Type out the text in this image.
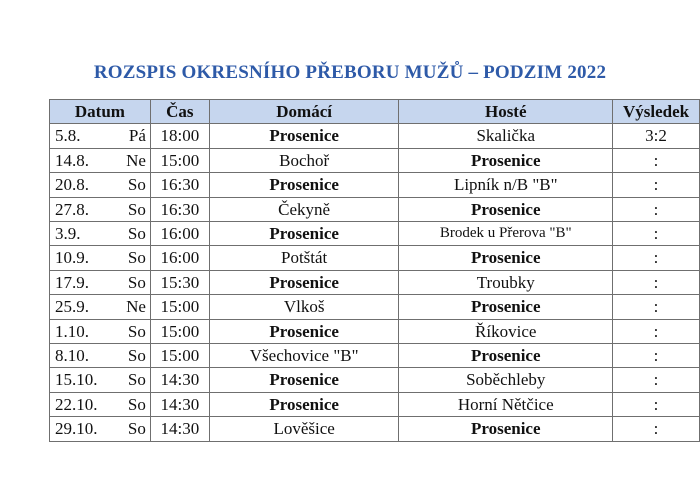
ROZSPIS OKRESNÍHO PŘEBORU MUŽŮ – PODZIM 2022
Datum	Čas	Domácí	Hosté	Výsledek

5.8. Pá	18:00	Prosenice	Skalička	3:2

14.8. Ne	15:00	Bochoř	Prosenice	:

20.8. So	16:30	Prosenice	Lipník n/B "B"	:

27.8. So	16:30	Čekyně	Prosenice	:

3.9. So	16:00	Prosenice	Brodek u Přerova "B"	:

10.9. So	16:00	Potštát	Prosenice	:

17.9. So	15:30	Prosenice	Troubky	:

25.9. Ne	15:00	Vlkoš	Prosenice	:

1.10. So	15:00	Prosenice	Říkovice	:

8.10. So	15:00	Všechovice "B"	Prosenice	:

15.10. So	14:30	Prosenice	Soběchleby	:

22.10. So	14:30	Prosenice	Horní Nětčice	:

29.10. So	14:30	Lověšice	Prosenice	:
